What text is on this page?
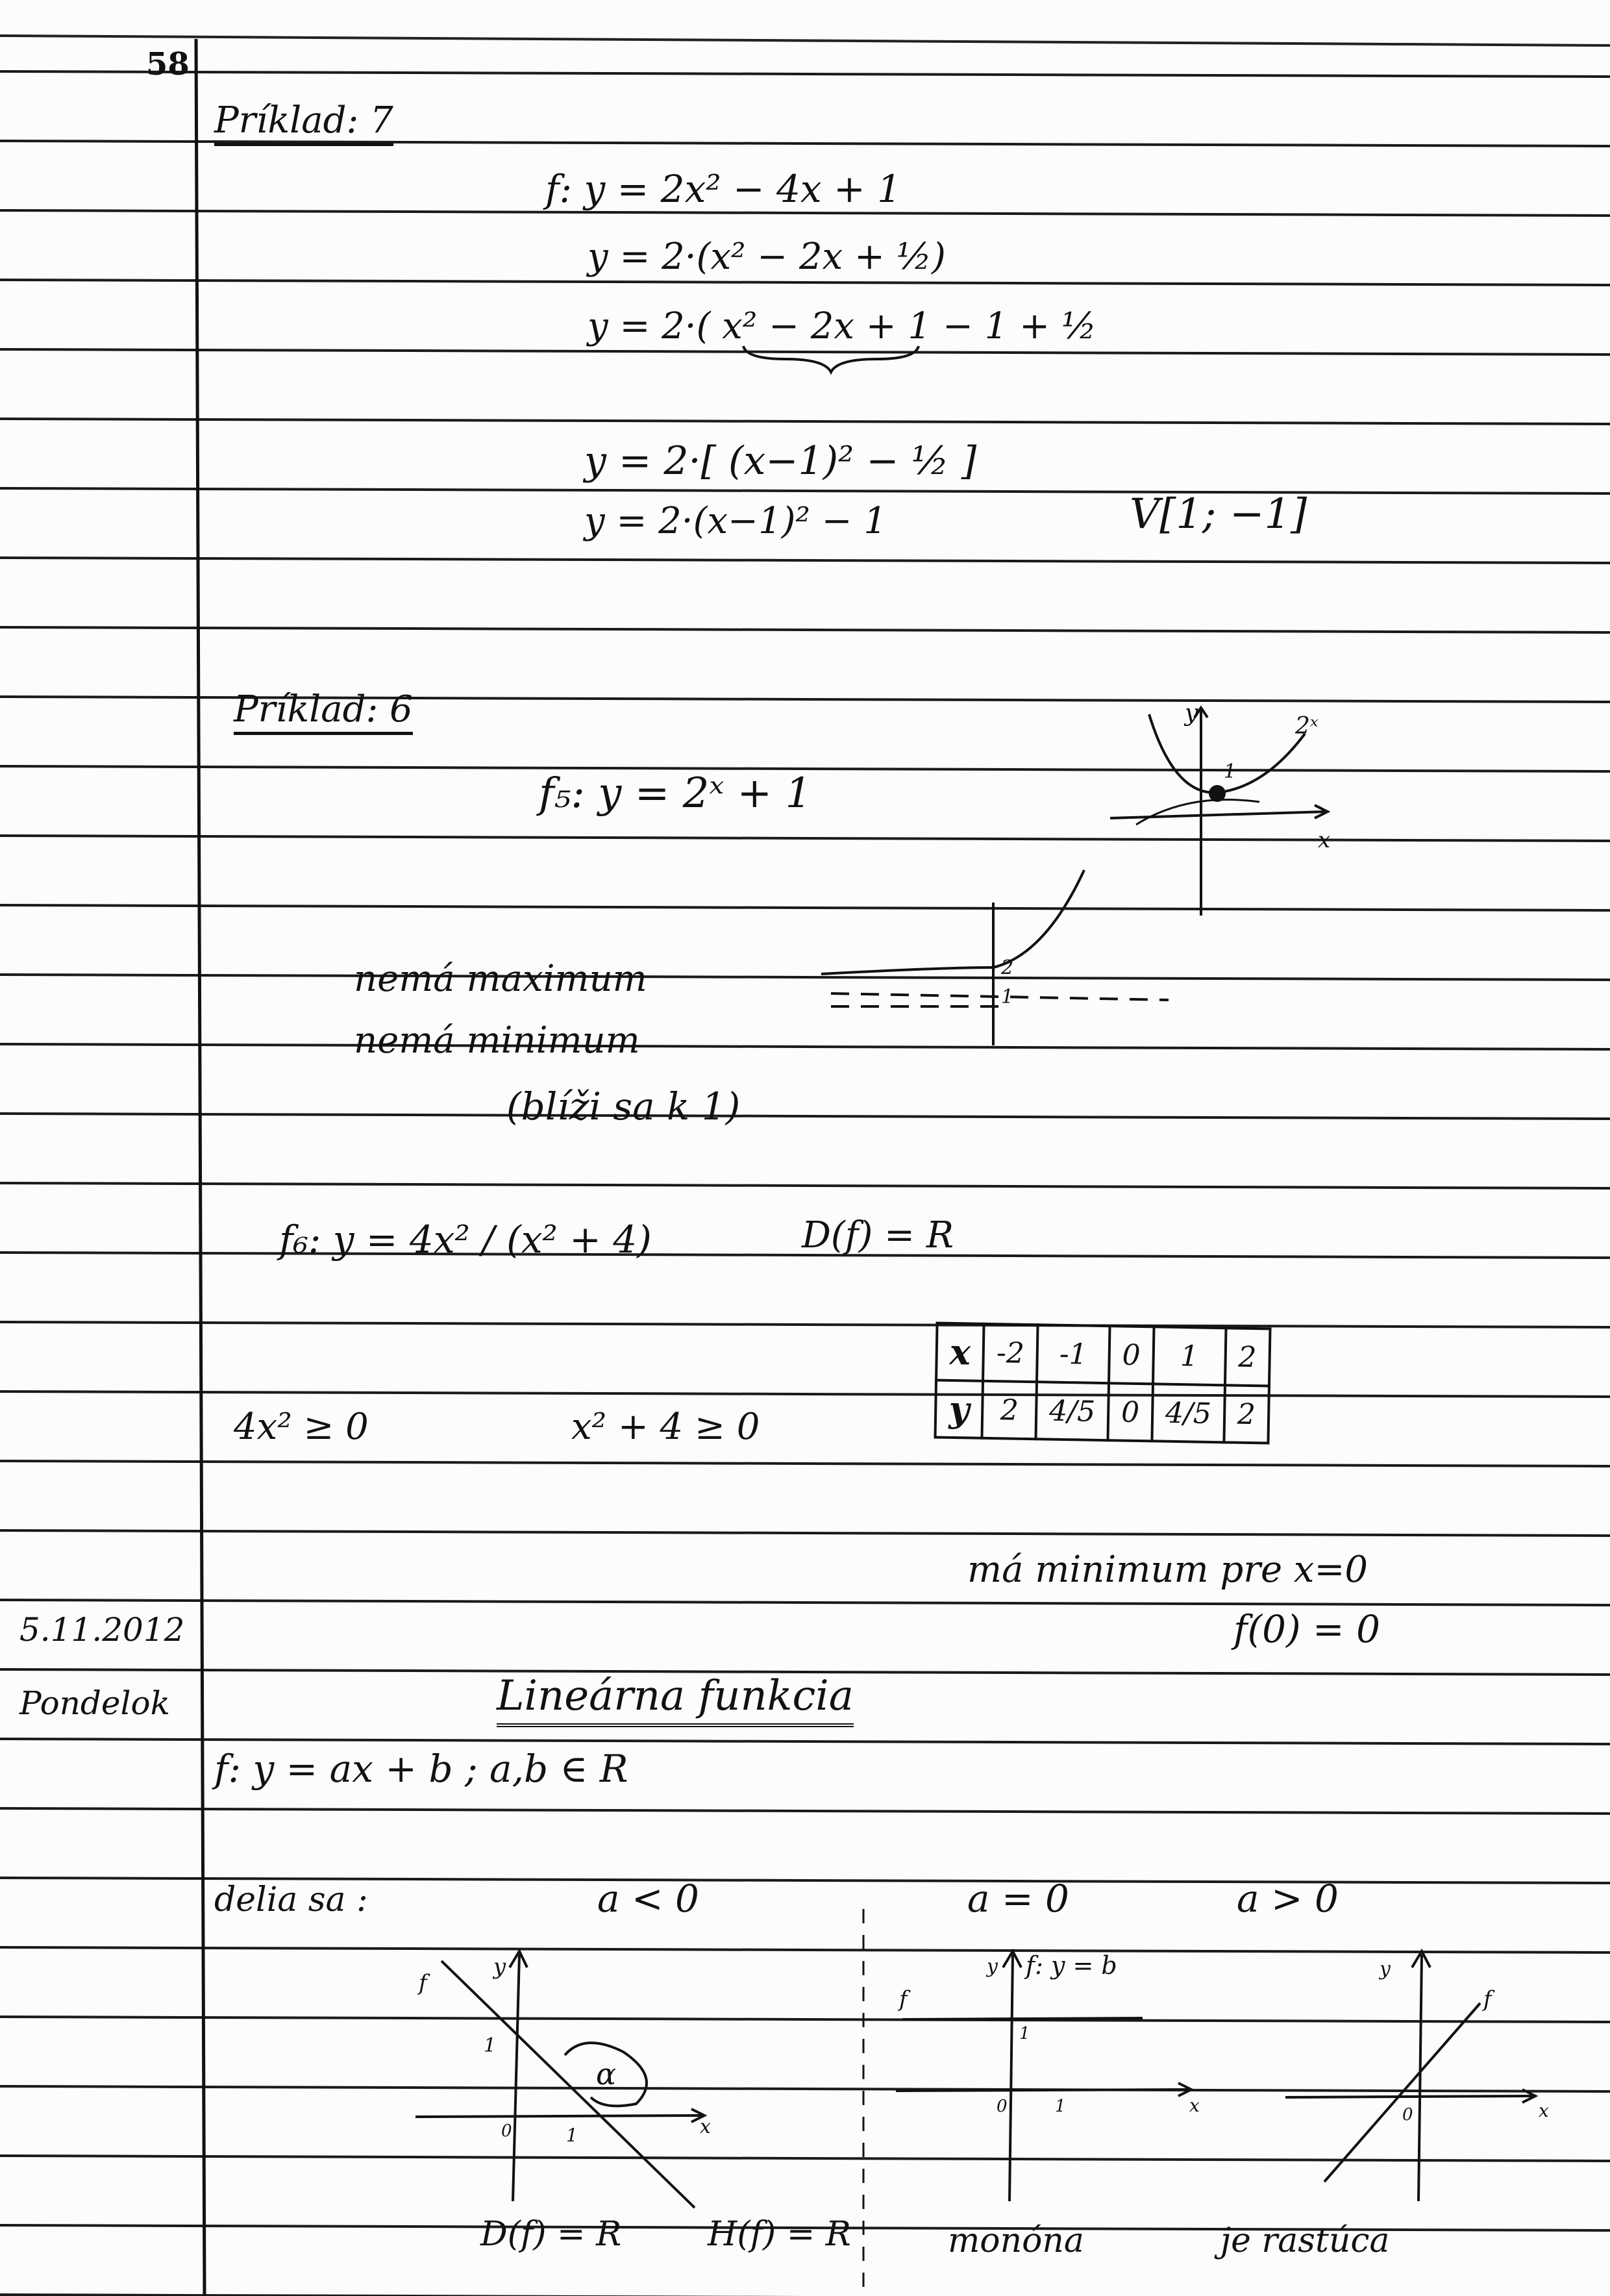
58
Príklad: 7
f: y = 2x² − 4x + 1
y = 2·(x² − 2x + ½)
y = 2·( x² − 2x + 1 − 1 + ½
y = 2·[ (x−1)² − ½ ]
y = 2·(x−1)² − 1	V[1; −1]
Príklad: 6
f₅: y = 2ˣ + 1	1
y
x
2ˣ
2
1
nemá maximum
nemá minimum
(blíži sa k 1)
f₆: y = 4x² / (x² + 4)	D(f) = R
4x² ≥ 0	x² + 4 ≥ 0
x	-2	-1	0	1	2
y	2	4/5	0	4/5	2
má minimum pre x=0
f(0) = 0
5.11.2012
Pondelok	Lineárna funkcia
f: y = ax + b ; a,b ∈ R
delia sa :	a < 0	a = 0	a > 0
f
y
1
0	1
α
x
f
y f: y = b
1
0	1	x
y
f
0	x
D(f) = R	H(f) = R	monóna	je rastúca
